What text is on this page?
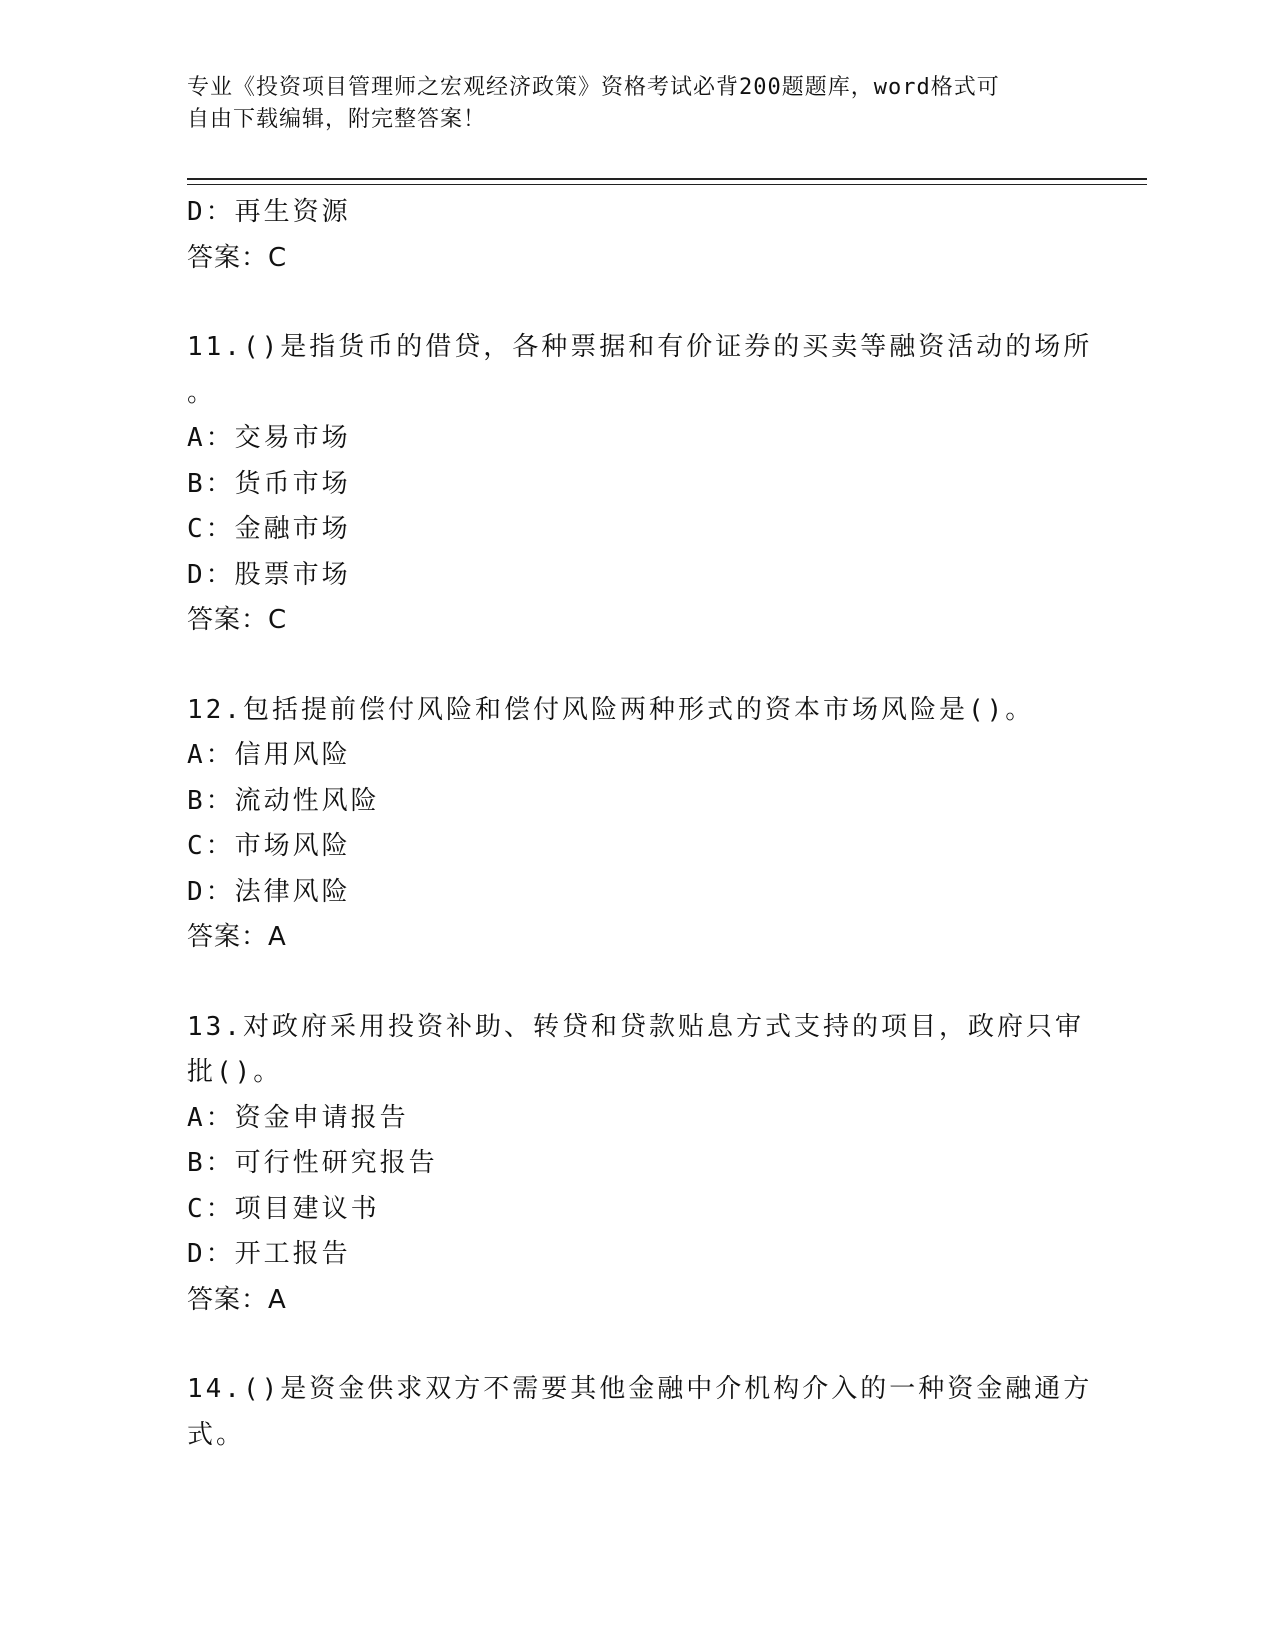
专业《投资项目管理师之宏观经济政策》资格考试必背200题题库，word格式可
自由下载编辑，附完整答案！
D：再生资源
答案：C
11.()是指货币的借贷，各种票据和有价证券的买卖等融资活动的场所
。
A：交易市场
B：货币市场
C：金融市场
D：股票市场
答案：C
12.包括提前偿付风险和偿付风险两种形式的资本市场风险是()。
A：信用风险
B：流动性风险
C：市场风险
D：法律风险
答案：A
13.对政府采用投资补助、转贷和贷款贴息方式支持的项目，政府只审
批()。
A：资金申请报告
B：可行性研究报告
C：项目建议书
D：开工报告
答案：A
14.()是资金供求双方不需要其他金融中介机构介入的一种资金融通方
式。
